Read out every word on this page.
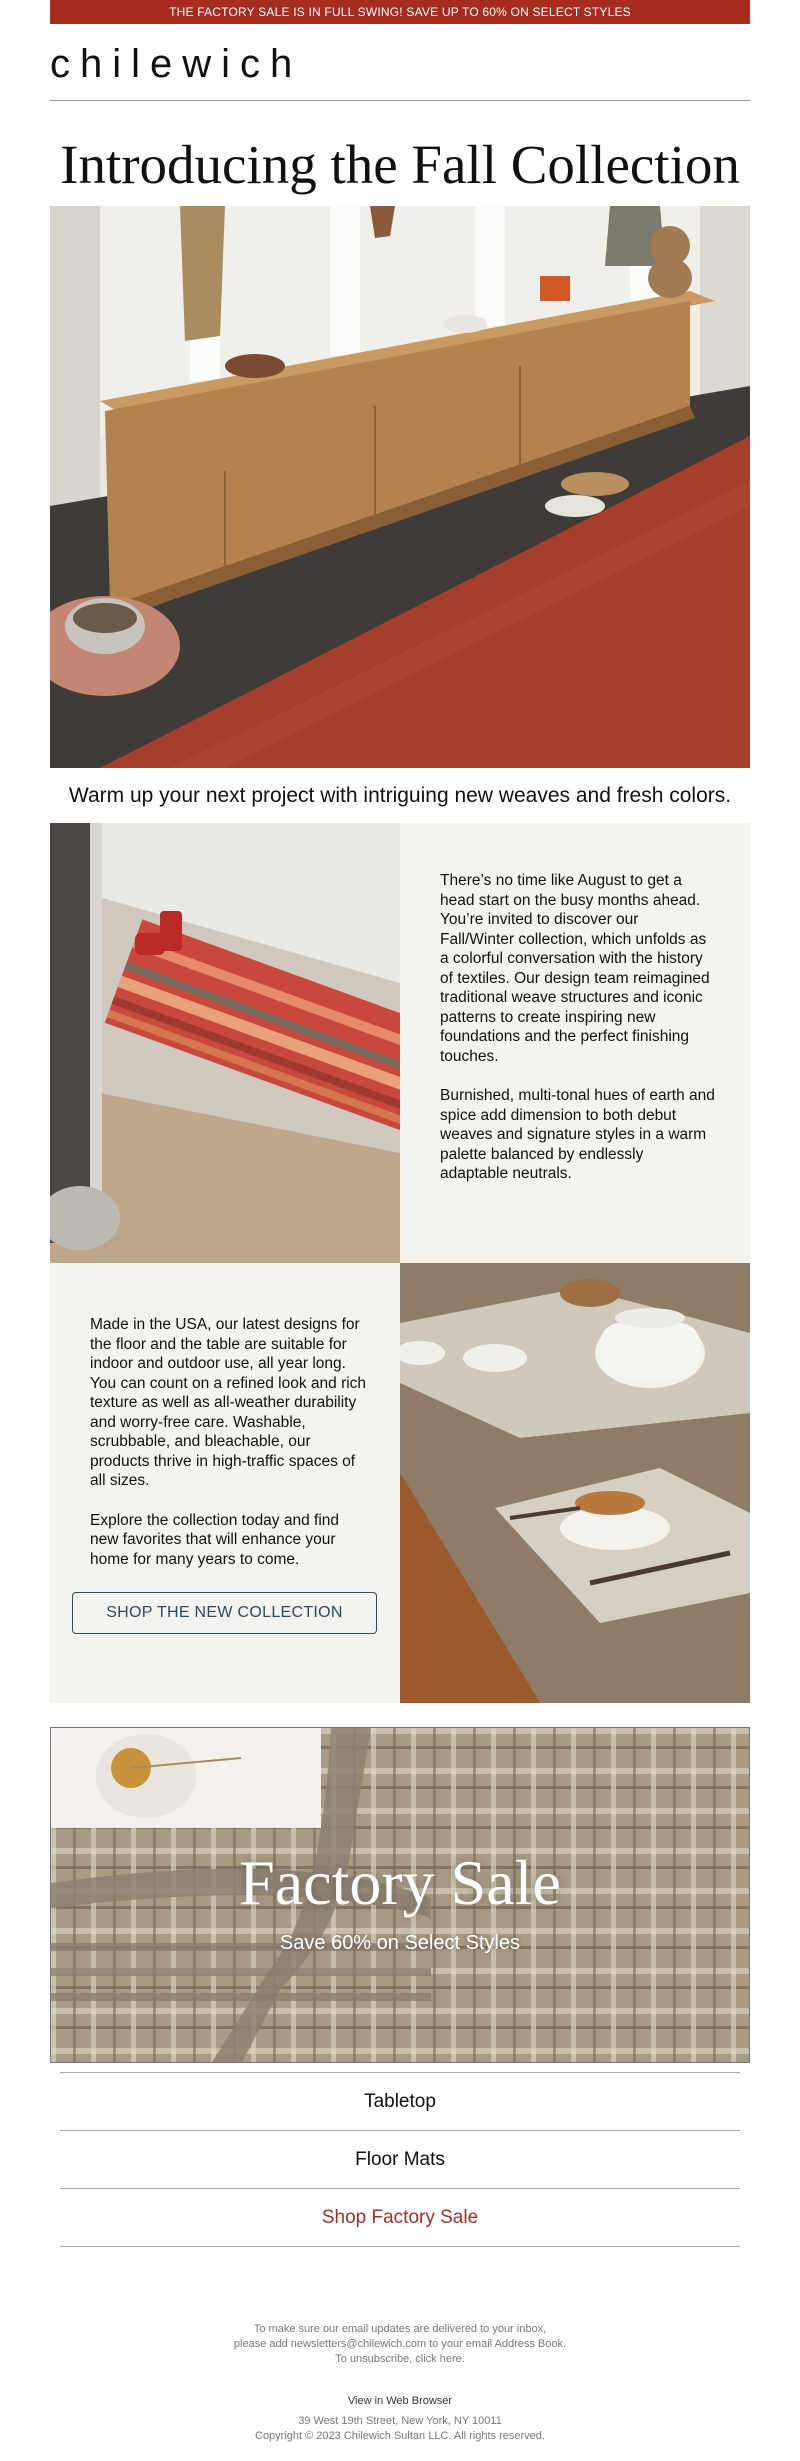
THE FACTORY SALE IS IN FULL SWING! SAVE UP TO 60% ON SELECT STYLES
chilewich
Introducing the Fall Collection
Warm up your next project with intriguing new weaves and fresh colors.

There’s no time like August to get a head start on the busy months ahead. You’re invited to discover our Fall/Winter collection, which unfolds as a colorful conversation with the history of textiles. Our design team reimagined traditional weave structures and iconic patterns to create inspiring new foundations and the perfect finishing touches.

Burnished, multi-tonal hues of earth and spice add dimension to both debut weaves and signature styles in a warm palette balanced by endlessly adaptable neutrals.

Made in the USA, our latest designs for the floor and the table are suitable for indoor and outdoor use, all year long. You can count on a refined look and rich texture as well as all-weather durability and worry-free care. Washable, scrubbable, and bleachable, our products thrive in high-traffic spaces of all sizes.

Explore the collection today and find new favorites that will enhance your home for many years to come.

SHOP THE NEW COLLECTION
Factory Sale
Save 60% on Select Styles
Tabletop
Floor Mats
Shop Factory Sale
To make sure our email updates are delivered to your inbox,
please add newsletters@chilewich.com to your email Address Book.
To unsubscribe, click here.
View in Web Browser
39 West 19th Street, New York, NY 10011
Copyright © 2023 Chilewich Sultan LLC. All rights reserved.
